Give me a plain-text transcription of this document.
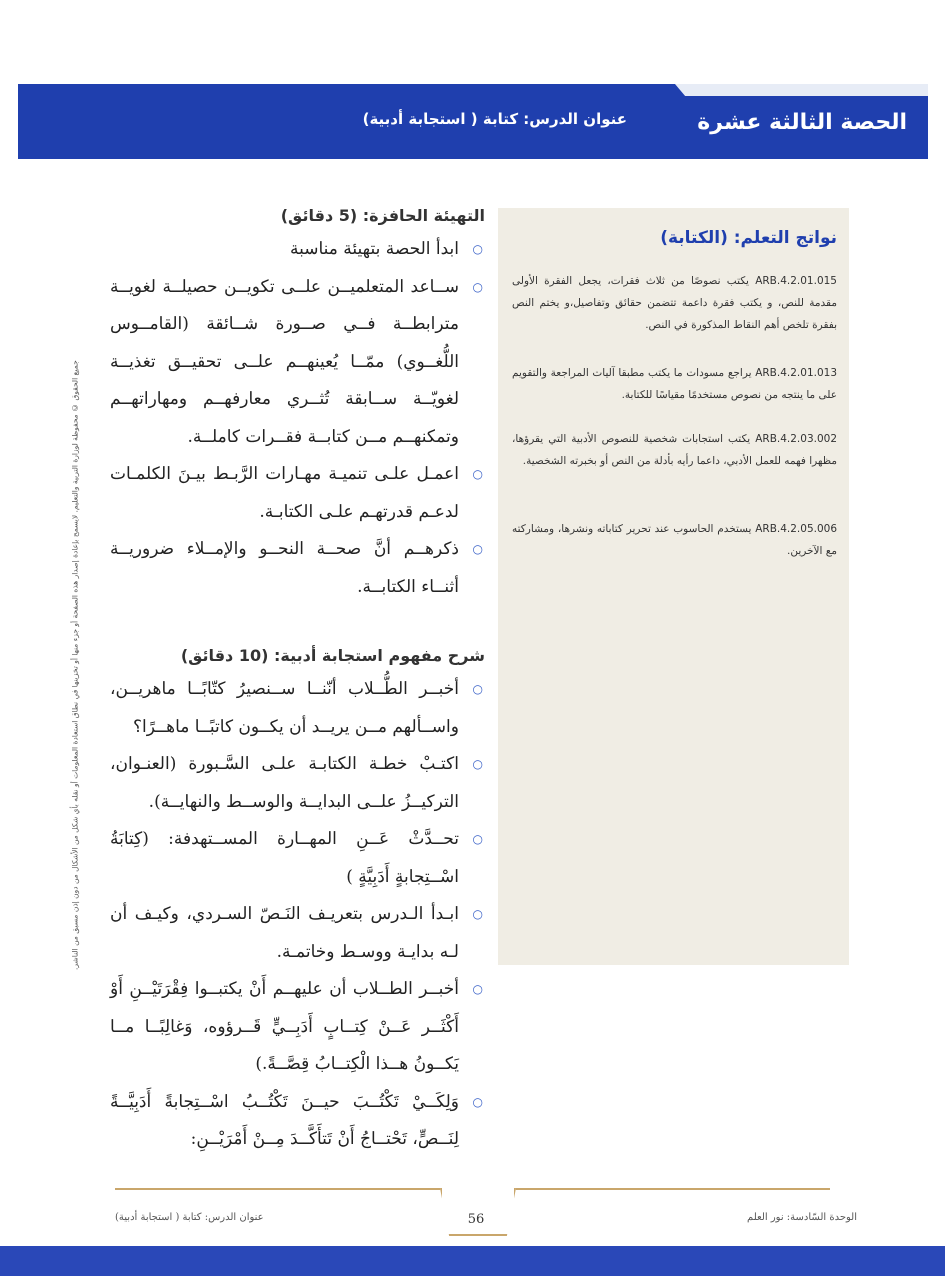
الحصة الثالثة عشرة
عنوان الدرس: كتابة ( استجابة أدبية)
نواتج التعلم: (الكتابة)
ARB.4.2.01.015 يكتب نصوصًا من ثلاث فقرات، يجعل الفقرة الأولى مقدمة للنص، و يكتب فقرة داعمة تتضمن حقائق وتفاصيل،و يختم النص بفقرة تلخص أهم النقاط المذكورة في النص.
ARB.4.2.01.013 يراجع مسودات ما يكتب مطبقا آليات المراجعة والتقويم على ما ينتجه من نصوص مستخدمًا مقياسًا للكتابة.
ARB.4.2.03.002 يكتب استجابات شخصية للنصوص الأدبية التي يقرؤها، مظهرا فهمه للعمل الأدبي، داعما رأيه بأدلة من النص أو بخبرته الشخصية.
ARB.4.2.05.006 يستخدم الحاسوب عند تحرير كتاباته ونشرها، ومشاركته مع الآخرين.

التهيئة الحافزة: (5 دقائق)

○
ابدأ الحصة بتهيئة مناسبة
○
ســاعد المتعلميــن علــى تكويــن حصيلــة لغويــة مترابطــة فــي صــورة شــائقة (القامــوس اللُّغــوي) ممّــا يُعينهــم علــى تحقيــق تغذيــة لغويّــة ســابقة تُثــري معارفهــم ومهاراتهــم وتمكنهــم مــن كتابــة فقــرات كاملــة.
○
اعمـل علـى تنميـة مهـارات الرَّبـط بيـنَ الكلمـات لدعـم قدرتهـم علـى الكتابـة.
○
ذكرهــم أنَّ صحــة النحــو والإمــلاء ضروريــة أثنــاء الكتابــة.

شرح مفهوم استجابة أدبية: (10 دقائق)

○
أخبــر الطُّــلاب أنّنــا ســنصيرُ كتّابًــا ماهريــن، واســألهم مــن يريــد أن يكــون كاتبًــا ماهــرًا؟
○
اكتـبْ خطـة الكتابـة علـى السَّـبورة (العنـوان، التركيــزُ علــى البدايــة والوســط والنهايــة).
○
تحــدَّثْ عَــنِ المهــارة المســتهدفة: (كِتابَةُ اسْــتِجابةٍ أَدَبِيَّةٍ )
○
ابـدأ الـدرس بتعريـف النَـصّ السـردي، وكيـف أن لـه بدايـة ووسـط وخاتمـة.
○
أخبــر الطــلاب أن عليهــم أَنْ يكتبــوا فِقْرَتَيْــنِ أَوْ أَكْثَــر عَــنْ كِتــابٍ أَدَبِــيٍّ قَــرؤوه، وَغالِبًــا مــا يَكــونُ هــذا الْكِتــابُ قِصَّــةً.)
○
وَلِكَــيْ تَكْتُــبَ حيــنَ تَكْتُــبُ اسْــتِجابةً أَدَبِيَّــةً لِنَــصٍّ، تَحْتــاجُ أَنْ تَتأَكَّــدَ مِــنْ أَمْرَيْــنِ:
جميع الحقوق © محفوظة لوزارة التربية والتعليم. لايسمح بإعادة إصدار هذه الصفحة أو جزء منها أو تخزينها في نطاق استعادة المعلومات أو نقله بأي شكل من الأشكال من دون إذن مسبق من الناشر.
56	الوحدة السّادسة: نور العلم
عنوان الدرس: كتابة ( استجابة أدبية)
